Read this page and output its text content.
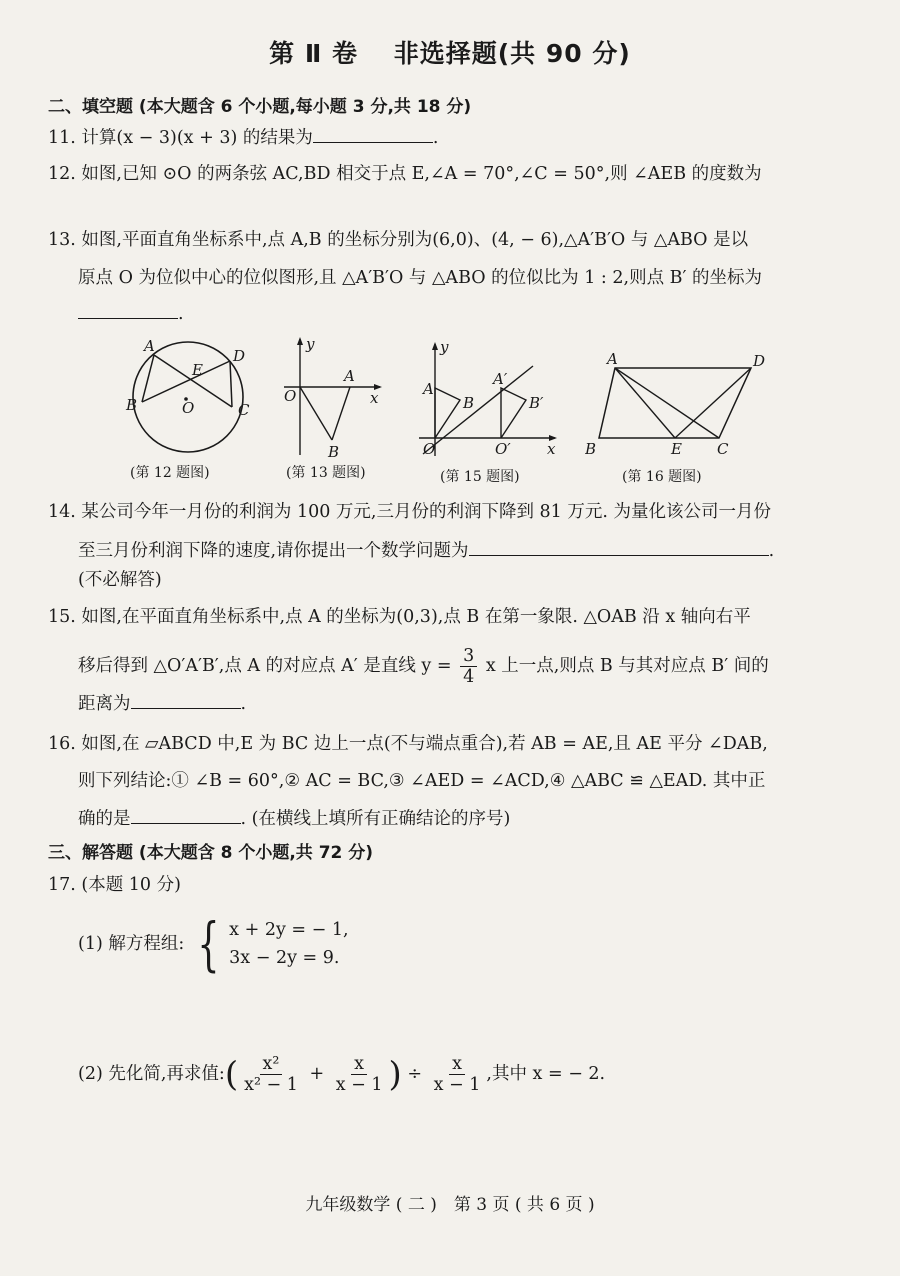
第 Ⅱ 卷　 非选择题(共 90 分)
二、填空题 (本大题含 6 个小题,每小题 3 分,共 18 分)
11. 计算(x − 3)(x + 3) 的结果为	.
12. 如图,已知 ⊙O 的两条弦 AC,BD 相交于点 E,∠A = 70°,∠C = 50°,则 ∠AEB 的度数为
13. 如图,平面直角坐标系中,点 A,B 的坐标分别为(6,0)、(4, − 6),△A′B′O 与 △ABO 是以
原点 O 为位似中心的位似图形,且 △A′B′O 与 △ABO 的位似比为 1 : 2,则点 B′ 的坐标为
.
A
B	C
D
E
O
(第 12 题图)
y
x
O
A
B
(第 13 题图)
y
x
O
A
B
A′
B′
O′
(第 15 题图)
A
B	C
D
E
(第 16 题图)
14. 某公司今年一月份的利润为 100 万元,三月份的利润下降到 81 万元. 为量化该公司一月份
至三月份利润下降的速度,请你提出一个数学问题为	.
(不必解答)
15. 如图,在平面直角坐标系中,点 A 的坐标为(0,3),点 B 在第一象限. △OAB 沿 x 轴向右平
移后得到 △O′A′B′,点 A 的对应点 A′ 是直线 $y = \frac{3}{4}$ x 上一点,则点 B 与其对应点 B′ 间的
距离为	.
16. 如图,在 ▱ABCD 中,E 为 BC 边上一点(不与端点重合),若 AB = AE,且 AE 平分 ∠DAB,
则下列结论:① ∠B = 60°,② AC = BC,③ ∠AED = ∠ACD,④ △ABC ≌ △EAD. 其中正
确的是	. (在横线上填所有正确结论的序号)
三、解答题 (本大题含 8 个小题,共 72 分)
17. (本题 10 分)
(1) 解方程组: { x + 2y = − 1,
3x − 2y = 9.
(2) 先化简,再求值:( $\frac{\text{x²}}{\text{x² − 1}} + \frac{x}{x - 1}$ ) ÷ $\frac{x}{x - 1}$ ,其中 x = − 2.
九年级数学 ( 二 )　第 3 页 ( 共 6 页 )
